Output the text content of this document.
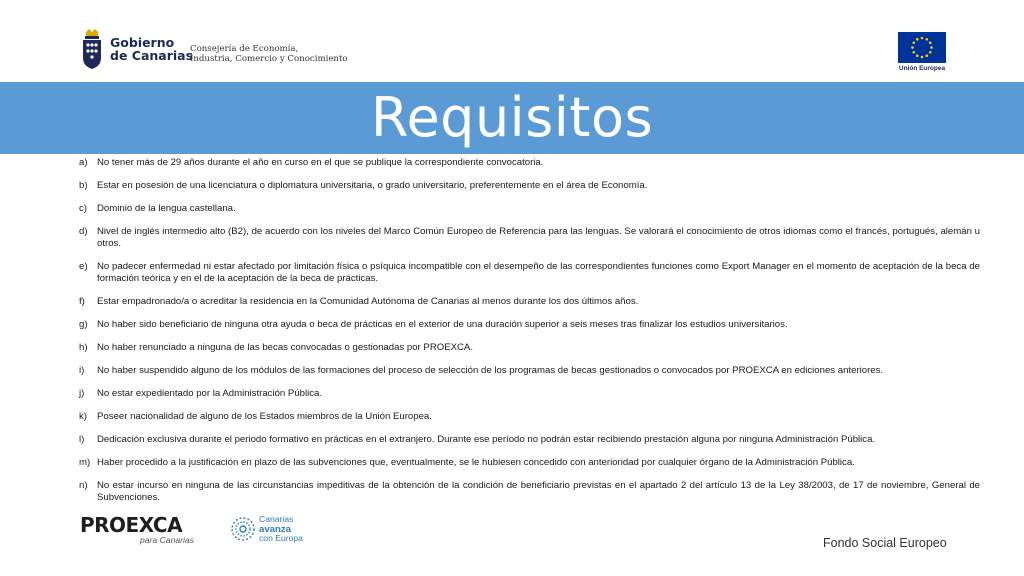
Gobierno
de Canarias
Consejería de Economía,
Industria, Comercio y Conocimiento
Unión Europea
Requisitos
a) No tener más de 29 años durante el año en curso en el que se publique la correspondiente convocatoria.
b) Estar en posesión de una licenciatura o diplomatura universitaria, o grado universitario, preferentemente en el área de Economía.
c)	Dominio de la lengua castellana.
d) Nivel de inglés intermedio alto (B2), de acuerdo con los niveles del Marco Común Europeo de Referencia para las lenguas. Se valorará el conocimiento de otros idiomas como el francés, portugués, alemán u otros.
e) No padecer enfermedad ni estar afectado por limitación física o psíquica incompatible con el desempeño de las correspondientes funciones como Export Manager en el momento de aceptación de la beca de formación teórica y en el de la aceptación de la beca de prácticas.
f)	Estar empadronado/a o acreditar la residencia en la Comunidad Autónoma de Canarias al menos durante los dos últimos años.
g) No haber sido beneficiario de ninguna otra ayuda o beca de prácticas en el exterior de una duración superior a seis meses tras finalizar los estudios universitarios.
h) No haber renunciado a ninguna de las becas convocadas o gestionadas por PROEXCA.
i)	No haber suspendido alguno de los módulos de las formaciones del proceso de selección de los programas de becas gestionados o convocados por PROEXCA en ediciones anteriores.
j)	No estar expedientado por la Administración Pública.
k)	Poseer nacionalidad de alguno de los Estados miembros de la Unión Europea.
l)	Dedicación exclusiva durante el periodo formativo en prácticas en el extranjero. Durante ese período no podrán estar recibiendo prestación alguna por ninguna Administración Pública.
m) Haber procedido a la justificación en plazo de las subvenciones que, eventualmente, se le hubiesen concedido con anterioridad por cualquier órgano de la Administración Pública.
n) No estar incurso en ninguna de las circunstancias impeditivas de la obtención de la condición de beneficiario previstas en el apartado 2 del artículo 13 de la Ley 38/2003, de 17 de noviembre, General de Subvenciones.
PROEXCA
para Canarias
Canarias
avanza
con Europa	Fondo Social Europeo
